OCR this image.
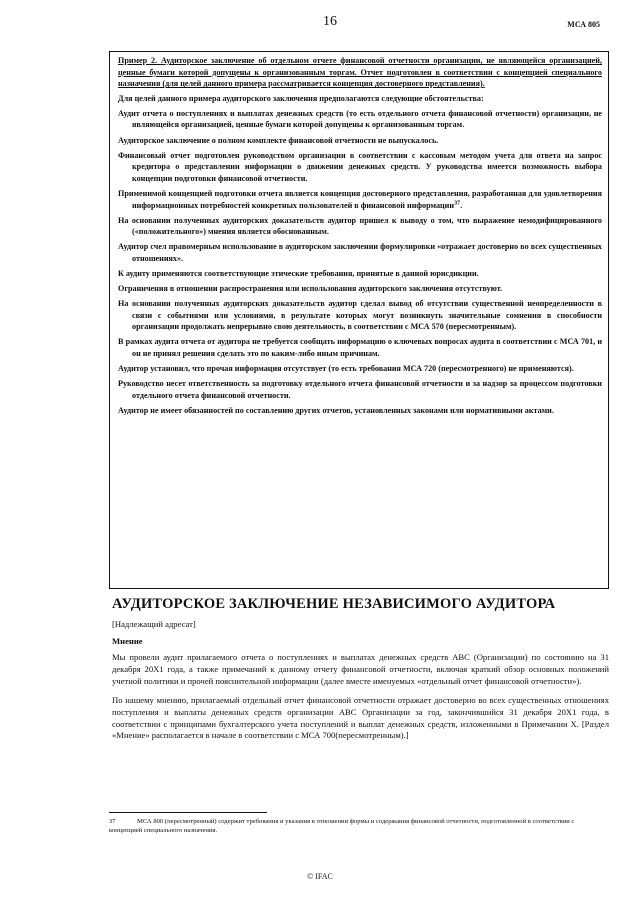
16	МСА 805

Пример 2. Аудиторское заключение об отдельном отчете финансовой отчетности организации, не являющейся организацией, ценные бумаги которой допущены к организованным торгам. Отчет подготовлен в соответствии с концепцией специального назначения (для целей данного примера рассматривается концепция достоверного представления).

Для целей данного примера аудиторского заключения предполагаются следующие обстоятельства:

Аудит отчета о поступлениях и выплатах денежных средств (то есть отдельного отчета финансовой отчетности) организации, не являющейся организацией, ценные бумаги которой допущены к организованным торгам.
Аудиторское заключение о полном комплекте финансовой отчетности не выпускалось.
Финансовый отчет подготовлен руководством организации в соответствии с кассовым методом учета для ответа на запрос кредитора о представлении информации о движении денежных средств. У руководства имеется возможность выбора концепции подготовки финансовой отчетности.
Применимой концепцией подготовки отчета является концепция достоверного представления, разработанная для удовлетворения информационных потребностей конкретных пользователей в финансовой информации$^{37}$.
На основании полученных аудиторских доказательств аудитор пришел к выводу о том, что выражение немодифицированного («положительного») мнения является обоснованным.
Аудитор счел правомерным использование в аудиторском заключении формулировки «отражает достоверно во всех существенных отношениях».
К аудиту применяются соответствующие этические требования, принятые в данной юрисдикции.
Ограничения в отношении распространения или использования аудиторского заключения отсутствуют.
На основании полученных аудиторских доказательств аудитор сделал вывод об отсутствии существенной неопределенности в связи с событиями или условиями, в результате которых могут возникнуть значительные сомнения в способности организации продолжать непрерывно свою деятельность, в соответствии с МСА 570 (пересмотренным).
В рамках аудита отчета от аудитора не требуется сообщать информацию о ключевых вопросах аудита в соответствии с МСА 701, и он не принял решения сделать это по каким-либо иным причинам.
Аудитор установил, что прочая информация отсутствует (то есть требования МСА 720 (пересмотренного) не применяются).
Руководство несет ответственность за подготовку отдельного отчета финансовой отчетности и за надзор за процессом подготовки отдельного отчета финансовой отчетности.
Аудитор не имеет обязанностей по составлению других отчетов, установленных законами или нормативными актами.
АУДИТОРСКОЕ ЗАКЛЮЧЕНИЕ НЕЗАВИСИМОГО АУДИТОРА
[Надлежащий адресат]
Мнение

Мы провели аудит прилагаемого отчета о поступлениях и выплатах денежных средств АВС (Организации) по состоянию на 31 декабря 20X1 года, а также примечаний к данному отчету финансовой отчетности, включая краткий обзор основных положений учетной политики и прочей пояснительной информации (далее вместе именуемых «отдельный отчет финансовой отчетности»).

По нашему мнению, прилагаемый отдельный отчет финансовой отчетности отражает достоверно во всех существенных отношениях поступления и выплаты денежных средств организации АВС Организации за год, закончившийся 31 декабря 20X1 года, в соответствии с принципами бухгалтерского учета поступлений и выплат денежных средств, изложенными в Примечании X. [Раздел «Мнение» располагается в начале в соответствии с МСА 700(пересмотренным).]

37	МСА 800 (пересмотренный) содержит требования и указания в отношении формы и содержания финансовой отчетности, подготовленной в соответствии с концепцией специального назначения.
© IFAC
